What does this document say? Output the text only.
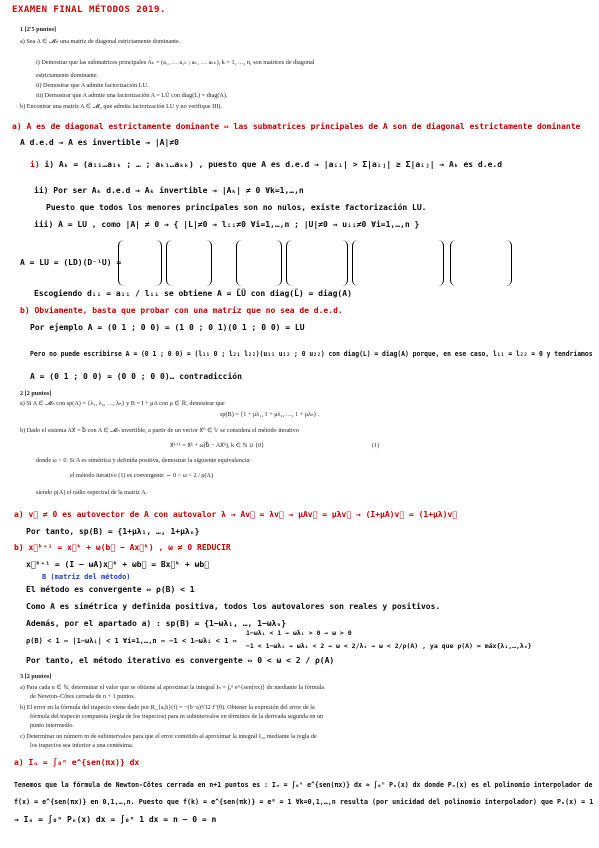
EXAMEN FINAL MÉTODOS 2019.
1 [2'5 puntos]
a) Sea A ∈ 𝓜ₙ una matriz de diagonal estrictamente dominante.
i) Demostrar que las submatrices principales Aₖ = (a₁₁ … a₁ₖ ; aₖ₁ … aₖₖ), k = 1, …, n, son matrices de diagonal
estrictamente dominante.
ii) Demostrar que A admite factorización LU.
iii) Demostrar que A admite una factorización A = LŨ con diag(L) = diag(A).
b) Encontrar una matriz A ∈ 𝓜₂ que admita factorización LU y no verifique III).
a) A es de diagonal estrictamente dominante ⇔ las submatrices principales de A son de diagonal estrictamente dominante
A d.e.d → A es invertible → |A|≠0
i) i) Aₖ = (a₁₁…a₁ₖ ; … ; aₖ₁…aₖₖ) , puesto que A es d.e.d → |aᵢᵢ| > Σ|aᵢⱼ| ≥ Σ|aᵢⱼ| → Aₖ es d.e.d
ii) Por ser Aₖ d.e.d → Aₖ invertible → |Aₖ| ≠ 0 ∀k=1,…,n
Puesto que todos los menores principales son no nulos, existe factorización LU.
iii) A = LU , como |A| ≠ 0 → { |L|≠0 → lᵢᵢ≠0 ∀i=1,…,n ; |U|≠0 → uᵢᵢ≠0 ∀i=1,…,n }
A = LU = (LD)(D⁻¹U) =
Escogiendo dᵢᵢ = aᵢᵢ / lᵢᵢ se obtiene A = L̃Ũ con diag(L̃) = diag(A)
b) Obviamente, basta que probar con una matriz que no sea de d.e.d.
Por ejemplo A = (0 1 ; 0 0) = (1 0 ; 0 1)(0 1 ; 0 0) = LU
Pero no puede escribirse A = (0 1 ; 0 0) = (l₁₁ 0 ; l₂₁ l₂₂)(u₁₁ u₁₂ ; 0 u₂₂) con diag(L) = diag(A) porque, en ese caso, l₁₁ = l₂₂ = 0 y tendríamos
A = (0 1 ; 0 0) = (0 0 ; 0 0)… contradicción
2 [2 puntos]
a) Si A ∈ 𝓜ₙ con sp(A) = {λ₁, λ₂, …, λₙ} y B = I + μA con μ ∈ ℝ, demostrar que
sp(B) = {1 + μλ₁, 1 + μλ₂, …, 1 + μλₙ} .
b) Dado el sistema Ax⃗ = b⃗ con A ∈ 𝓜ₙ invertible, a partir de un vector x⃗⁰ ∈ 𝕍 se considera el método iterativo
x⃗ᵏ⁺¹ = x⃗ᵏ + ω(b⃗ − Ax⃗ᵏ), k ∈ ℕ ∪ {0}	(1)
donde ω > 0. Si A es simétrica y definida positiva, demostrar la siguiente equivalencia:
el método iterativo (1) es convergente ⇔ 0 < ω < 2 / ρ(A)
siendo ρ(A) el radio espectral de la matriz A.
a) v⃗ ≠ 0 es autovector de A con autovalor λ → Av⃗ = λv⃗ → μAv⃗ = μλv⃗ → (I+μA)v⃗ = (1+μλ)v⃗
Por tanto, sp(B) = {1+μλ₁, …, 1+μλₙ}
b) x⃗ᵏ⁺¹ = x⃗ᵏ + ω(b⃗ − Ax⃗ᵏ) , ω ≠ 0 REDUCIR
x⃗ᵏ⁺¹ = (I − ωA)x⃗ᵏ + ωb⃗ = Bx⃗ᵏ + ωb⃗
B (matriz del método)
El método es convergente ⇔ ρ(B) < 1
Como A es simétrica y definida positiva, todos los autovalores son reales y positivos.
Además, por el apartado a) : sp(B) = {1−ωλ₁, …, 1−ωλₙ}
ρ(B) < 1 ⇔ |1−ωλᵢ| < 1 ∀i=1,…,n ⇔ −1 < 1−ωλᵢ < 1 ⇔
1−ωλᵢ < 1 → ωλᵢ > 0 → ω > 0
−1 < 1−ωλᵢ → ωλᵢ < 2 → ω < 2/λᵢ → ω < 2/ρ(A) , ya que ρ(A) = máx{λ₁,…,λₙ}
Por tanto, el método iterativo es convergente ⇔ 0 < ω < 2 / ρ(A)
3 [2 puntos]
a) Para cada n ∈ ℕ, determinar el valor que se obtiene al aproximar la integral Iₙ = ∫₀ⁿ e^{sen(πx)} dx mediante la fórmula
de Newton–Côtes cerrada de n + 1 puntos.
b) El error en la fórmula del trapecio viene dado por R_{a,b}(f) = −(b−a)³/12 f″(θ). Obtener la expresión del error de la
fórmula del trapecio compuesta (regla de los trapecios) para m subintervalos en términos de la derivada segunda en un
punto intermedio.
c) Determinar un número m de subintervalos para que el error cometido al aproximar la integral I₁₀ mediante la regla de
los trapecios sea inferior a una centésima.
a) Iₙ = ∫₀ⁿ e^{sen(πx)} dx
Tenemos que la fórmula de Newton-Côtes cerrada en n+1 puntos es : Iₙ = ∫₀ⁿ e^{sen(πx)} dx ≈ ∫₀ⁿ Pₙ(x) dx donde Pₙ(x) es el polinomio interpolador de
f(x) = e^{sen(πx)} en 0,1,…,n. Puesto que f(k) = e^{sen(πk)} = e⁰ = 1 ∀k=0,1,…,n resulta (por unicidad del polinomio interpolador) que Pₙ(x) = 1
→ Iₙ = ∫₀ⁿ Pₙ(x) dx = ∫₀ⁿ 1 dx = n − 0 = n
